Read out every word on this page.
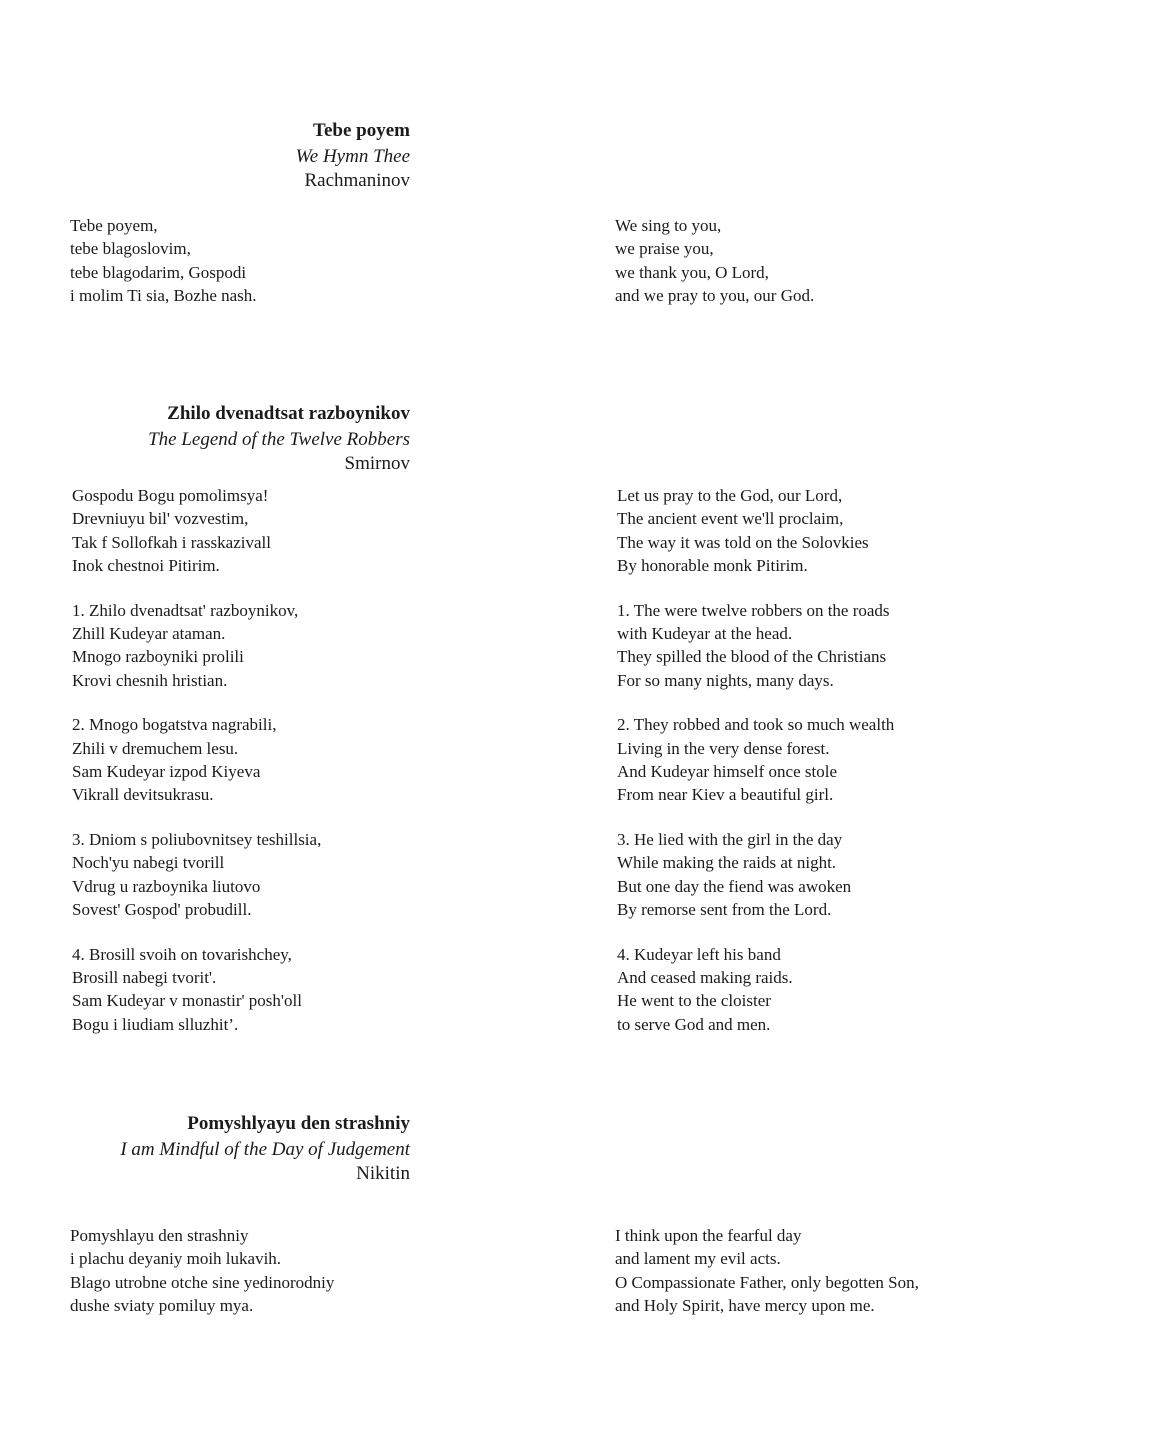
Tebe poyem
We Hymn Thee
Rachmaninov

Tebe poyem,
tebe blagoslovim,
tebe blagodarim, Gospodi
i molim Ti sia, Bozhe nash.

We sing to you,
we praise you,
we thank you, O Lord,
and we pray to you, our God.

Zhilo dvenadtsat razboynikov
The Legend of the Twelve Robbers
Smirnov

Gospodu Bogu pomolimsya!
Drevniuyu bil' vozvestim,
Tak f Sollofkah i rasskazivall
Inok chestnoi Pitirim.

1. Zhilo dvenadtsat' razboynikov,
Zhill Kudeyar ataman.
Mnogo razboyniki prolili
Krovi chesnih hristian.

2. Mnogo bogatstva nagrabili,
Zhili v dremuchem lesu.
Sam Kudeyar izpod Kiyeva
Vikrall devitsukrasu.

3. Dniom s poliubovnitsey teshillsia,
Noch'yu nabegi tvorill
Vdrug u razboynika liutovo
Sovest' Gospod' probudill.

4. Brosill svoih on tovarishchey,
Brosill nabegi tvorit'.
Sam Kudeyar v monastir' posh'oll
Bogu i liudiam slluzhit’.

Let us pray to the God, our Lord,
The ancient event we'll proclaim,
The way it was told on the Solovkies
By honorable monk Pitirim.

1. The were twelve robbers on the roads
with Kudeyar at the head.
They spilled the blood of the Christians
For so many nights, many days.

2. They robbed and took so much wealth
Living in the very dense forest.
And Kudeyar himself once stole
From near Kiev a beautiful girl.

3. He lied with the girl in the day
While making the raids at night.
But one day the fiend was awoken
By remorse sent from the Lord.

4. Kudeyar left his band
And ceased making raids.
He went to the cloister
to serve God and men.

Pomyshlyayu den strashniy
I am Mindful of the Day of Judgement
Nikitin

Pomyshlayu den strashniy
i plachu deyaniy moih lukavih.
Blago utrobne otche sine yedinorodniy
dushe sviaty pomiluy mya.

I think upon the fearful day
and lament my evil acts.
O Compassionate Father, only begotten Son,
and Holy Spirit, have mercy upon me.
